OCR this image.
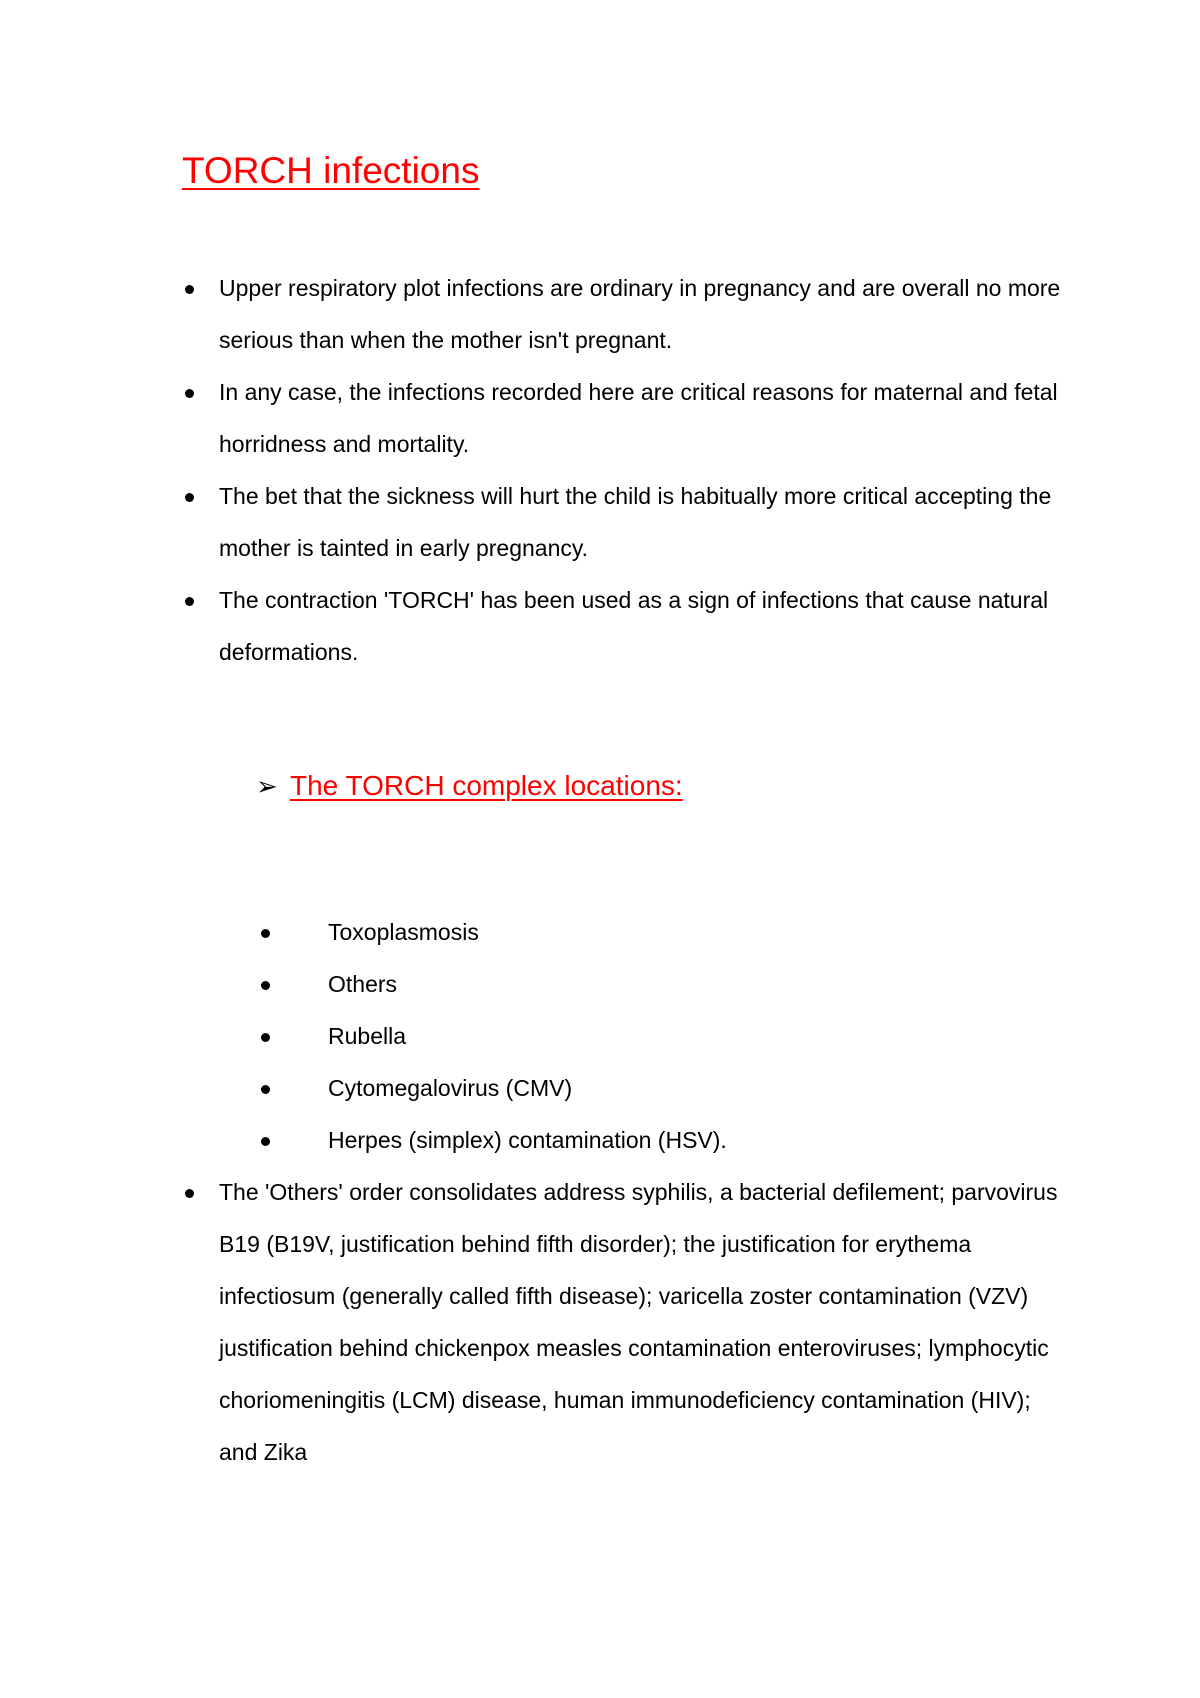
TORCH infections
Upper respiratory plot infections are ordinary in pregnancy and are overall no more serious than when the mother isn't pregnant.
In any case, the infections recorded here are critical reasons for maternal and fetal horridness and mortality.
The bet that the sickness will hurt the child is habitually more critical accepting the mother is tainted in early pregnancy.
The contraction 'TORCH' has been used as a sign of infections that cause natural deformations.
➢ The TORCH complex locations:
Toxoplasmosis
Others
Rubella
Cytomegalovirus (CMV)
Herpes (simplex) contamination (HSV).
The 'Others' order consolidates address syphilis, a bacterial defilement; parvovirus B19 (B19V, justification behind fifth disorder); the justification for erythema infectiosum (generally called fifth disease); varicella zoster contamination (VZV) justification behind chickenpox measles contamination enteroviruses; lymphocytic choriomeningitis (LCM) disease, human immunodeficiency contamination (HIV); and Zika
